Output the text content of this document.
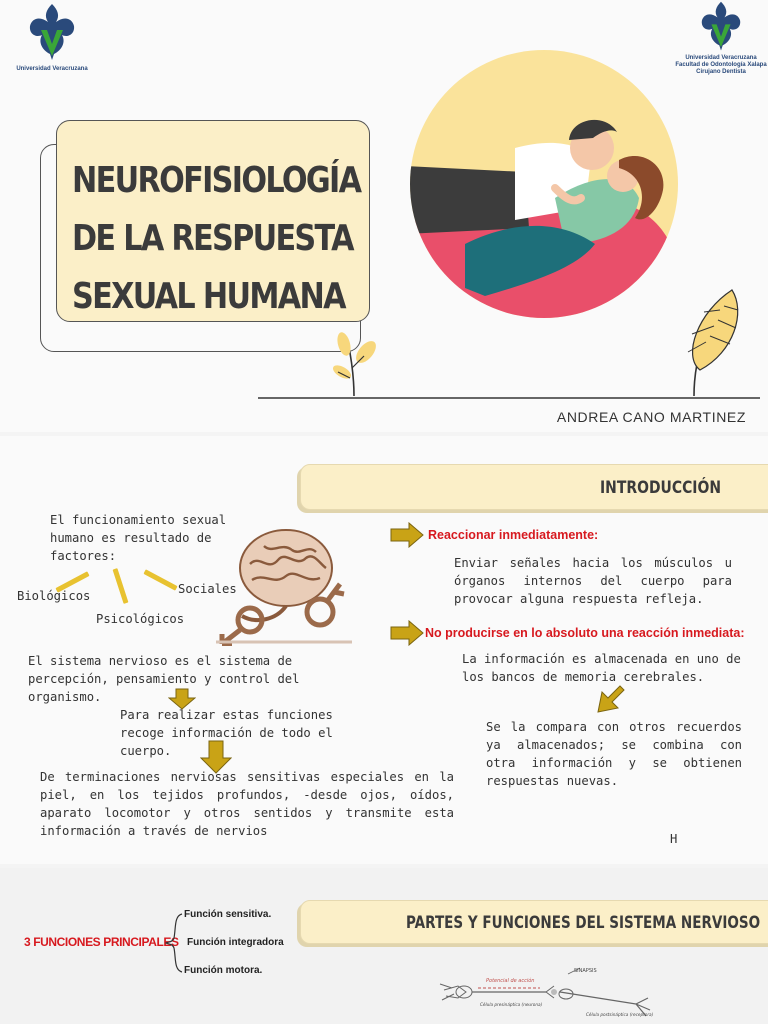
Universidad Veracruzana
Universidad Veracruzana
Facultad de Odontología Xalapa
Cirujano Dentista
NEUROFISIOLOGÍA
DE LA RESPUESTA
SEXUAL HUMANA
ANDREA CANO MARTINEZ
INTRODUCCIÓN
El funcionamiento sexual humano es resultado de factores:
Biológicos
Psicológicos
Sociales
El sistema nervioso es el sistema de percepción, pensamiento y control del organismo.
Para realizar estas funciones recoge información de todo el cuerpo.
De terminaciones nerviosas sensitivas especiales en la piel, en los tejidos profundos, -desde ojos, oídos, aparato locomotor y otros sentidos y transmite esta información a través de nervios
Reaccionar inmediatamente:
Enviar señales hacia los músculos u órganos internos del cuerpo para provocar alguna respuesta refleja.
No producirse en lo absoluto una reacción inmediata:
La información es almacenada en uno de los bancos de memoria cerebrales.
Se la compara con otros recuerdos ya almacenados; se combina con otra información y se obtienen respuestas nuevas.
H
PARTES Y FUNCIONES DEL SISTEMA NERVIOSO
3 FUNCIONES PRINCIPALES
Función sensitiva.
Función integradora
Función motora.
Potencial de acción
SINAPSIS
Célula presináptica (neurona)
Célula postsináptica (receptora)
